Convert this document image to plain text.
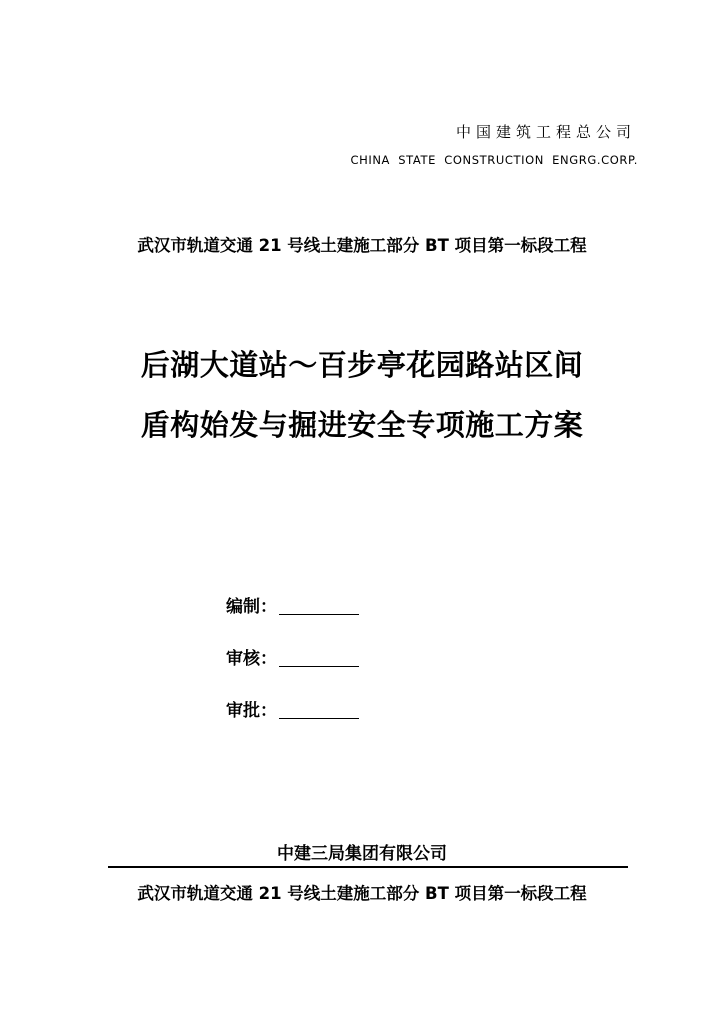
中国建筑工程总公司
CHINA STATE CONSTRUCTION ENGRG.CORP.
武汉市轨道交通 21 号线土建施工部分 BT 项目第一标段工程
后湖大道站～百步亭花园路站区间
盾构始发与掘进安全专项施工方案
编制：
审核：
审批：
中建三局集团有限公司
武汉市轨道交通 21 号线土建施工部分 BT 项目第一标段工程
